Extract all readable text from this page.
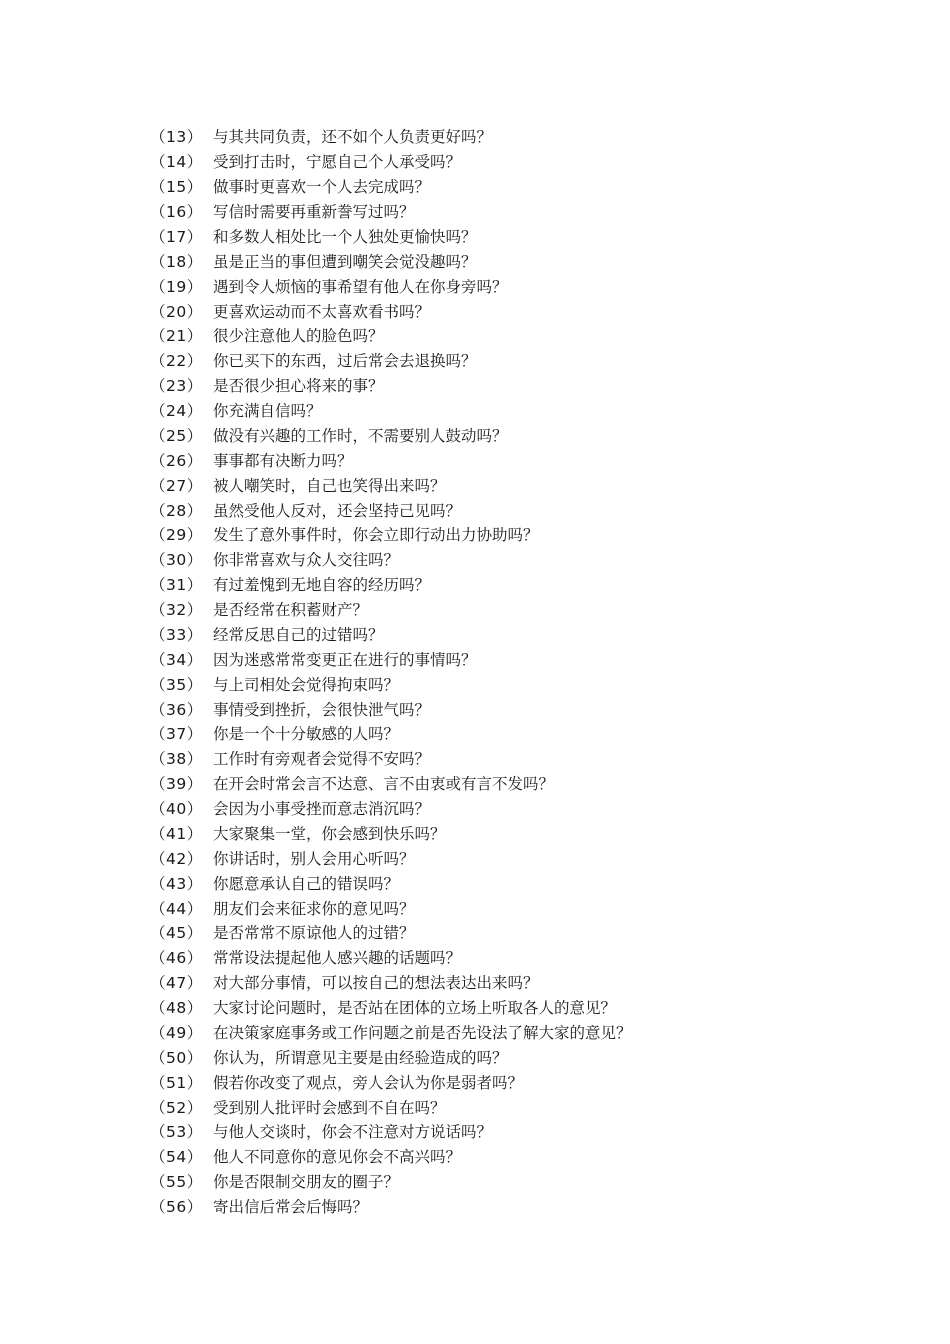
（13） 与其共同负责，还不如个人负责更好吗？
（14） 受到打击时，宁愿自己个人承受吗？
（15） 做事时更喜欢一个人去完成吗？
（16） 写信时需要再重新誊写过吗？
（17） 和多数人相处比一个人独处更愉快吗？
（18） 虽是正当的事但遭到嘲笑会觉没趣吗？
（19） 遇到令人烦恼的事希望有他人在你身旁吗？
（20） 更喜欢运动而不太喜欢看书吗？
（21） 很少注意他人的脸色吗？
（22） 你已买下的东西，过后常会去退换吗？
（23） 是否很少担心将来的事？
（24） 你充满自信吗？
（25） 做没有兴趣的工作时，不需要别人鼓动吗？
（26） 事事都有决断力吗？
（27） 被人嘲笑时，自己也笑得出来吗？
（28） 虽然受他人反对，还会坚持己见吗？
（29） 发生了意外事件时，你会立即行动出力协助吗？
（30） 你非常喜欢与众人交往吗？
（31） 有过羞愧到无地自容的经历吗？
（32） 是否经常在积蓄财产？
（33） 经常反思自己的过错吗？
（34） 因为迷惑常常变更正在进行的事情吗？
（35） 与上司相处会觉得拘束吗？
（36） 事情受到挫折，会很快泄气吗？
（37） 你是一个十分敏感的人吗？
（38） 工作时有旁观者会觉得不安吗？
（39） 在开会时常会言不达意、言不由衷或有言不发吗？
（40） 会因为小事受挫而意志消沉吗？
（41） 大家聚集一堂，你会感到快乐吗？
（42） 你讲话时，别人会用心听吗？
（43） 你愿意承认自己的错误吗？
（44） 朋友们会来征求你的意见吗？
（45） 是否常常不原谅他人的过错？
（46） 常常设法提起他人感兴趣的话题吗？
（47） 对大部分事情，可以按自己的想法表达出来吗？
（48） 大家讨论问题时，是否站在团体的立场上听取各人的意见？
（49） 在决策家庭事务或工作问题之前是否先设法了解大家的意见？
（50） 你认为，所谓意见主要是由经验造成的吗？
（51） 假若你改变了观点，旁人会认为你是弱者吗？
（52） 受到别人批评时会感到不自在吗？
（53） 与他人交谈时，你会不注意对方说话吗？
（54） 他人不同意你的意见你会不高兴吗？
（55） 你是否限制交朋友的圈子？
（56） 寄出信后常会后悔吗？
